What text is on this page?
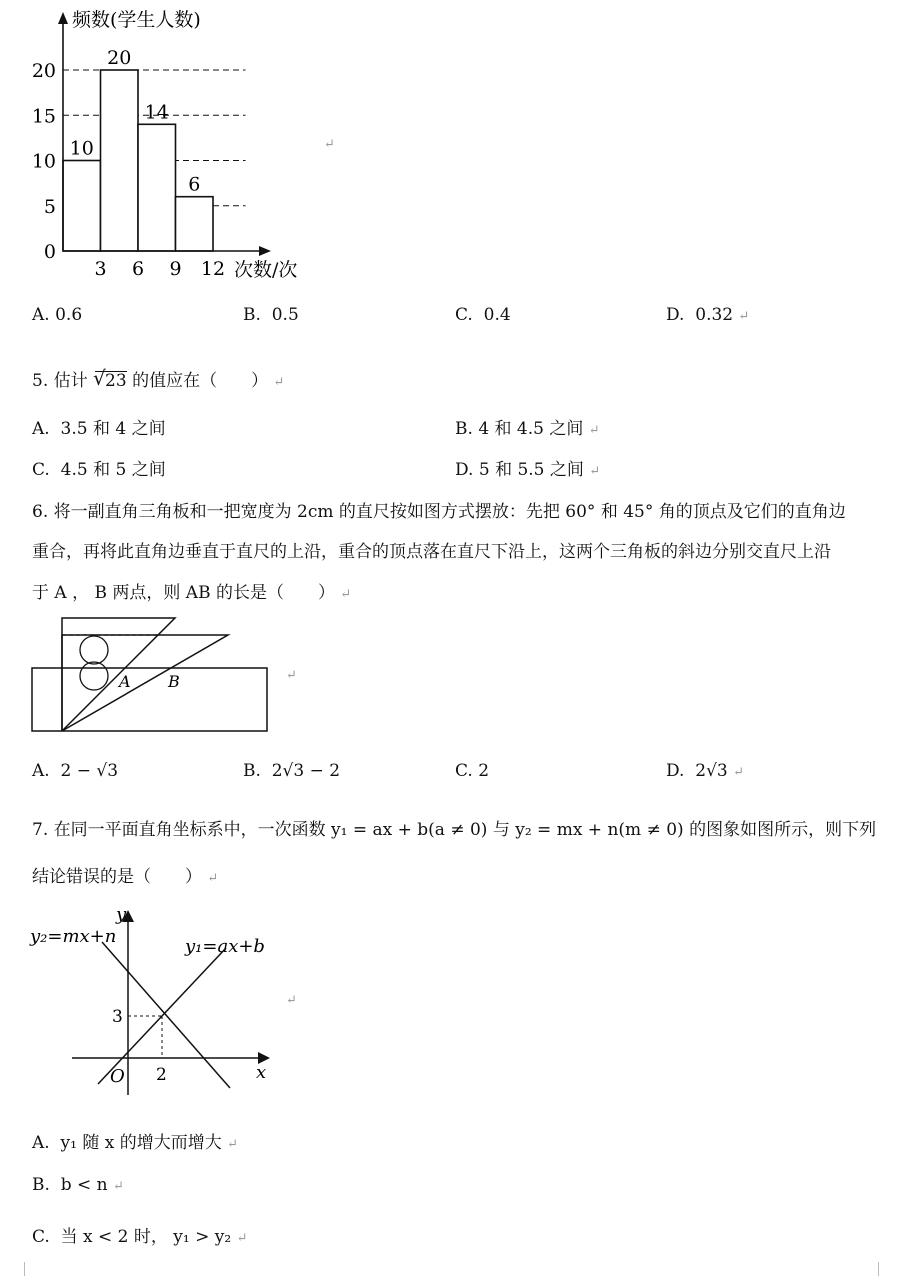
0
5
10
15
20
3 6 9 12
10
20
14
6
频数(学生人数)
次数/次
↵
A. 0.6	B. 0.5	C. 0.4	D. 0.32 ↵
5. 估计 √ 23 的值应在（　　） ↵
A. 3.5 和 4 之间	B. 4 和 4.5 之间 ↵
C. 4.5 和 5 之间	D. 5 和 5.5 之间 ↵
6. 将一副直角三角板和一把宽度为 2cm 的直尺按如图方式摆放：先把 60° 和 45° 角的顶点及它们的直角边
重合，再将此直角边垂直于直尺的上沿，重合的顶点落在直尺下沿上，这两个三角板的斜边分别交直尺上沿
于 A ， B 两点，则 AB 的长是（　　） ↵
A B	↵
A. 2 − √3	B. 2√3 − 2	C. 2	D. 2√3 ↵
7. 在同一平面直角坐标系中，一次函数 y₁ = ax + b(a ≠ 0) 与 y₂ = mx + n(m ≠ 0) 的图象如图所示，则下列
结论错误的是（　　） ↵
y
x
O 2
3
y₂=mx+n	y₁=ax+b
↵
A. y₁ 随 x 的增大而增大 ↵
B. b < n ↵
C. 当 x < 2 时， y₁ > y₂ ↵
